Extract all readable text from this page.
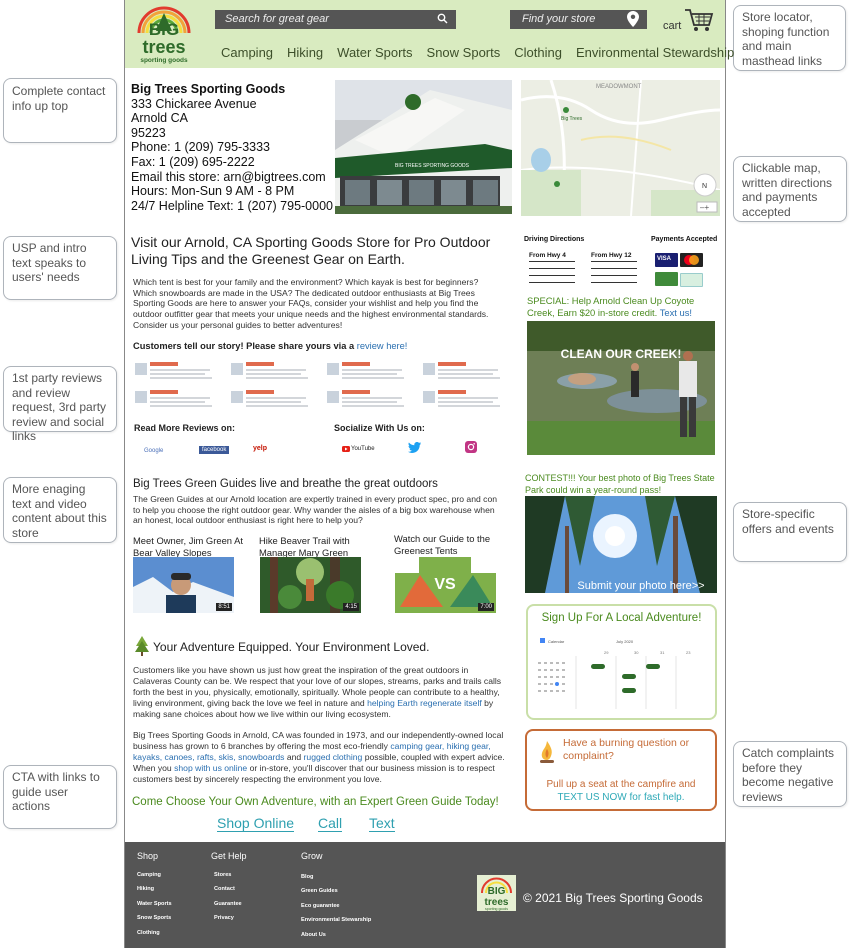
Store locator, shoping function and main masthead links
Complete contact info up top
Clickable map, written directions and payments accepted
USP and intro text speaks to users' needs
1st party reviews and review request, 3rd party review and social links
More enaging text and video content about this store
Store-specific offers and events
Catch complaints before they become negative reviews
CTA with links to guide user actions
BIG
trees
sporting goods
Search for great gear	Find your store
cart
Camping Hiking Water Sports Snow Sports Clothing Environmental Stewardship
Big Trees Sporting Goods
333 Chickaree Avenue
Arnold CA
95223
Phone: 1 (209) 795-3333
Fax: 1 (209) 695-2222
Email this store: arn@bigtrees.com
Hours: Mon-Sun 9 AM - 8 PM
24/7 Helpline Text: 1 (207) 795-0000
BIG TREES SPORTING GOODS
MEADOWMONT
Big Trees
N
–+
Visit our Arnold, CA Sporting Goods Store for Pro Outdoor Living Tips and the Greenest Gear on Earth.
Which tent is best for your family and the environment? Which kayak is best for beginners? Which snowboards are made in the USA? The dedicated outdoor enthusiasts at Big Trees Sporting Goods are here to answer your FAQs, consider your wishlist and help you find the outdoor outfitter gear that meets your unique needs and the highest environmental standards. Consider us your personal guides to better adventures!
Customers tell our story! Please share yours via a review here!
Read More Reviews on:	Socialize With Us on:
Google	facebook	yelp	YouTube
Driving Directions
From Hwy 4	From Hwy 12
Payments Accepted
VISA
SPECIAL: Help Arnold Clean Up Coyote Creek, Earn $20 in-store credit. Text us!
CLEAN OUR CREEK!
CONTEST!!! Your best photo of Big Trees State Park could win a year-round pass!
Submit your photo here>>
Sign Up For A Local Adventure!
Calendar	July 2020
29	30	31	23
Have a burning question or complaint?
Pull up a seat at the campfire and
TEXT US NOW for fast help.
Big Trees Green Guides live and breathe the great outdoors
The Green Guides at our Arnold location are expertly trained in every product spec, pro and con to help you choose the right outdoor gear. Why wander the aisles of a big box warehouse when an honest, local outdoor enthusiast is right here to help you?
Meet Owner, Jim Green At Bear Valley Slopes
8:51
Hike Beaver Trail with Manager Mary Green
4:15
Watch our Guide to the Greenest Tents
VS
7:00
Your Adventure Equipped. Your Environment Loved.
Customers like you have shown us just how great the inspiration of the great outdoors in Calaveras County can be. We respect that your love of our slopes, streams, parks and trails calls forth the best in you, physically, emotionally, spiritually. Whole people can contribute to a healthy, living environment, giving back the love we feel in nature and helping Earth regenerate itself by making sane choices about how we live within our living ecosystem.
Big Trees Sporting Goods in Arnold, CA was founded in 1973, and our independently-owned local business has grown to 6 branches by offering the most eco-friendly camping gear, hiking gear, kayaks, canoes, rafts, skis, snowboards and rugged clothing possible, coupled with expert advice. When you shop with us online or in-store, you'll discover that our business mission is to respect customers best by sincerely respecting the environment you love.
Come Choose Your Own Adventure, with an Expert Green Guide Today!
Shop Online Call Text
Shop	Get Help	Grow
Camping
Hiking
Water Sports
Snow Sports
Clothing
Stores
Contact
Guarantee
Privacy
Blog
Green Guides
Eco guarantee
Environmental Stewarship
About Us
BIG
trees
sporting goods
© 2021 Big Trees Sporting Goods
